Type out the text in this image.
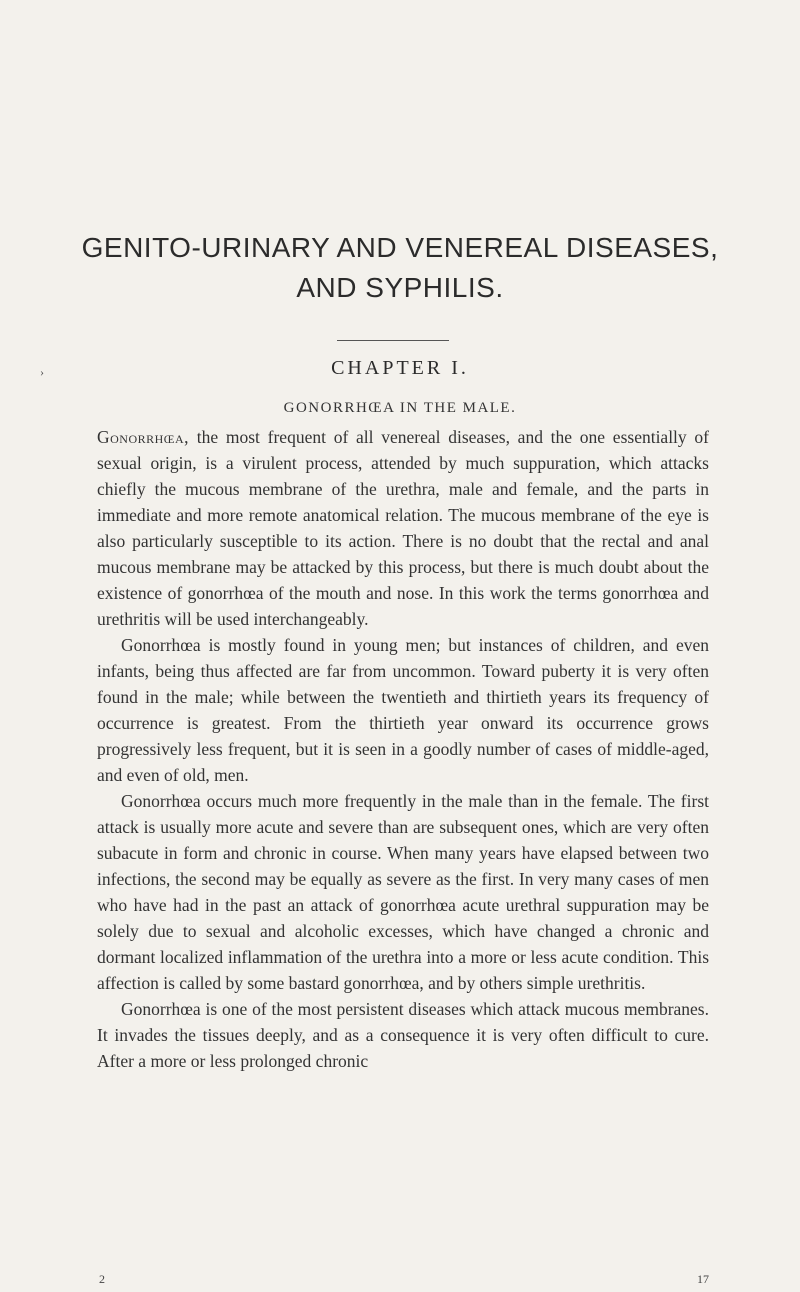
GENITO-URINARY AND VENEREAL DISEASES,
AND SYPHILIS.
›	CHAPTER I.
GONORRHŒA IN THE MALE.

Gonorrhœa, the most frequent of all venereal diseases, and the one essentially of sexual origin, is a virulent process, attended by much suppuration, which attacks chiefly the mucous membrane of the urethra, male and female, and the parts in immediate and more remote anatomical relation. The mucous membrane of the eye is also particularly susceptible to its action. There is no doubt that the rectal and anal mucous membrane may be attacked by this process, but there is much doubt about the existence of gonorrhœa of the mouth and nose. In this work the terms gonorrhœa and urethritis will be used interchangeably.

Gonorrhœa is mostly found in young men; but instances of children, and even infants, being thus affected are far from uncommon. Toward puberty it is very often found in the male; while between the twentieth and thirtieth years its frequency of occurrence is greatest. From the thirtieth year onward its occurrence grows progressively less frequent, but it is seen in a goodly number of cases of middle-aged, and even of old, men.

Gonorrhœa occurs much more frequently in the male than in the female. The first attack is usually more acute and severe than are subsequent ones, which are very often subacute in form and chronic in course. When many years have elapsed between two infections, the second may be equally as severe as the first. In very many cases of men who have had in the past an attack of gonorrhœa acute urethral suppuration may be solely due to sexual and alcoholic excesses, which have changed a chronic and dormant localized inflammation of the urethra into a more or less acute condition. This affection is called by some bastard gonorrhœa, and by others simple urethritis.

Gonorrhœa is one of the most persistent diseases which attack mucous membranes. It invades the tissues deeply, and as a consequence it is very often difficult to cure. After a more or less prolonged chronic

2	17
